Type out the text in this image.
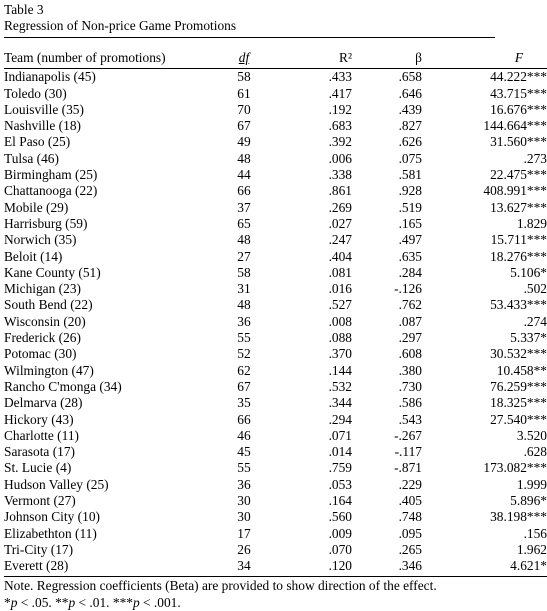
Table 3
Regression of Non-price Game Promotions
Team (number of promotions)	df	R²	β	F
Indianapolis (45)	58	.433	.658	44.222***
Toledo (30)	61	.417	.646	43.715***
Louisville (35)	70	.192	.439	16.676***
Nashville (18)	67	.683	.827	144.664***
El Paso (25)	49	.392	.626	31.560***
Tulsa (46)	48	.006	.075	.273
Birmingham (25)	44	.338	.581	22.475***
Chattanooga (22)	66	.861	.928	408.991***
Mobile (29)	37	.269	.519	13.627***
Harrisburg (59)	65	.027	.165	1.829
Norwich (35)	48	.247	.497	15.711***
Beloit (14)	27	.404	.635	18.276***
Kane County (51)	58	.081	.284	5.106*
Michigan (23)	31	.016	-.126	.502
South Bend (22)	48	.527	.762	53.433***
Wisconsin (20)	36	.008	.087	.274
Frederick (26)	55	.088	.297	5.337*
Potomac (30)	52	.370	.608	30.532***
Wilmington (47)	62	.144	.380	10.458**
Rancho C'monga (34)	67	.532	.730	76.259***
Delmarva (28)	35	.344	.586	18.325***
Hickory (43)	66	.294	.543	27.540***
Charlotte (11)	46	.071	-.267	3.520
Sarasota (17)	45	.014	-.117	.628
St. Lucie (4)	55	.759	-.871	173.082***
Hudson Valley (25)	36	.053	.229	1.999
Vermont (27)	30	.164	.405	5.896*
Johnson City (10)	30	.560	.748	38.198***
Elizabethton (11)	17	.009	.095	.156
Tri-City (17)	26	.070	.265	1.962
Everett (28)	34	.120	.346	4.621*
Note. Regression coefficients (Beta) are provided to show direction of the effect.
*p < .05. **p < .01. ***p < .001.
